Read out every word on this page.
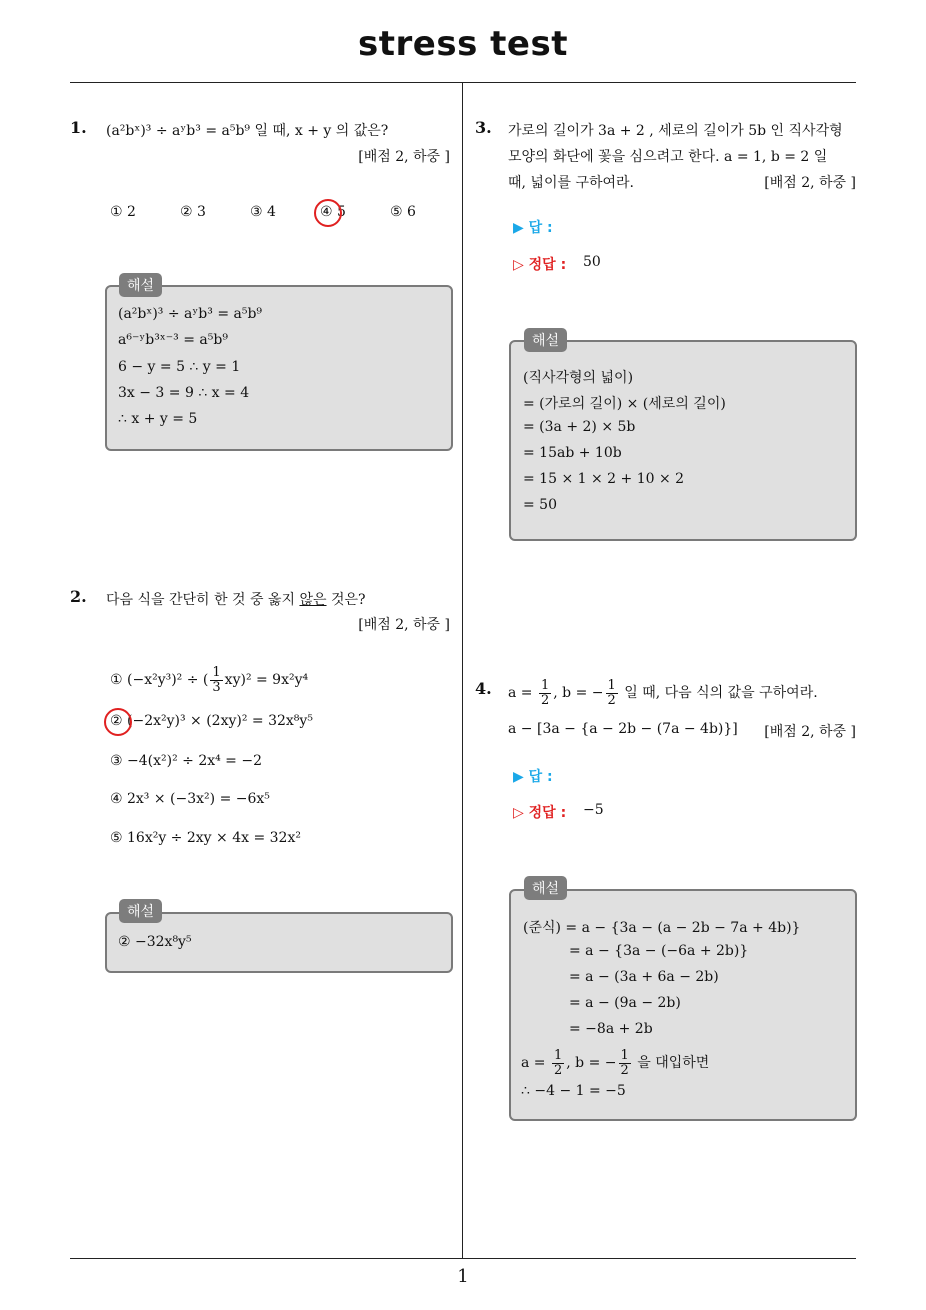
stress test
1
1. (a²bˣ)³ ÷ aʸb³ = a⁵b⁹ 일 때, x + y 의 값은?
[배점 2, 하중 ]
① 2	② 3	③ 4	④ 5	⑤ 6
해설
(a²bˣ)³ ÷ aʸb³ = a⁵b⁹
a⁶⁻ʸb³ˣ⁻³ = a⁵b⁹
6 − y = 5 ∴ y = 1
3x − 3 = 9 ∴ x = 4
∴ x + y = 5
2. 다음 식을 간단히 한 것 중 옳지 않은 것은?
[배점 2, 하중 ]
① (−x²y³)² ÷ ( $\frac{1}{3} xy)^2 = 9x^2y^4$
② (−2x²y)³ × (2xy)² = 32x⁸y⁵
③ −4(x²)² ÷ 2x⁴ = −2
④ 2x³ × (−3x²) = −6x⁵
⑤ 16x²y ÷ 2xy × 4x = 32x²
해설
② −32x⁸y⁵
3. 가로의 길이가 3a + 2 , 세로의 길이가 5b 인 직사각형
모양의 화단에 꽃을 심으려고 한다. a = 1, b = 2 일
때, 넓이를 구하여라.	[배점 2, 하중 ]
▶ 답 :
▷ 정답 : 50
해설
(직사각형의 넓이)
= (가로의 길이) × (세로의 길이)
= (3a + 2) × 5b
= 15ab + 10b
= 15 × 1 × 2 + 10 × 2
= 50
4. $a = \frac{1}{2}$ , b = − $\frac{1}{2}$ 일 때, 다음 식의 값을 구하여라.
a − [3a − {a − 2b − (7a − 4b)}]	[배점 2, 하중 ]
▶ 답 :
▷ 정답 : −5
해설
(준식) = a − {3a − (a − 2b − 7a + 4b)}
= a − {3a − (−6a + 2b)}
= a − (3a + 6a − 2b)
= a − (9a − 2b)
= −8a + 2b
$a = \frac{1}{2}$ , b = − $\frac{1}{2}$ 을 대입하면
∴ −4 − 1 = −5
